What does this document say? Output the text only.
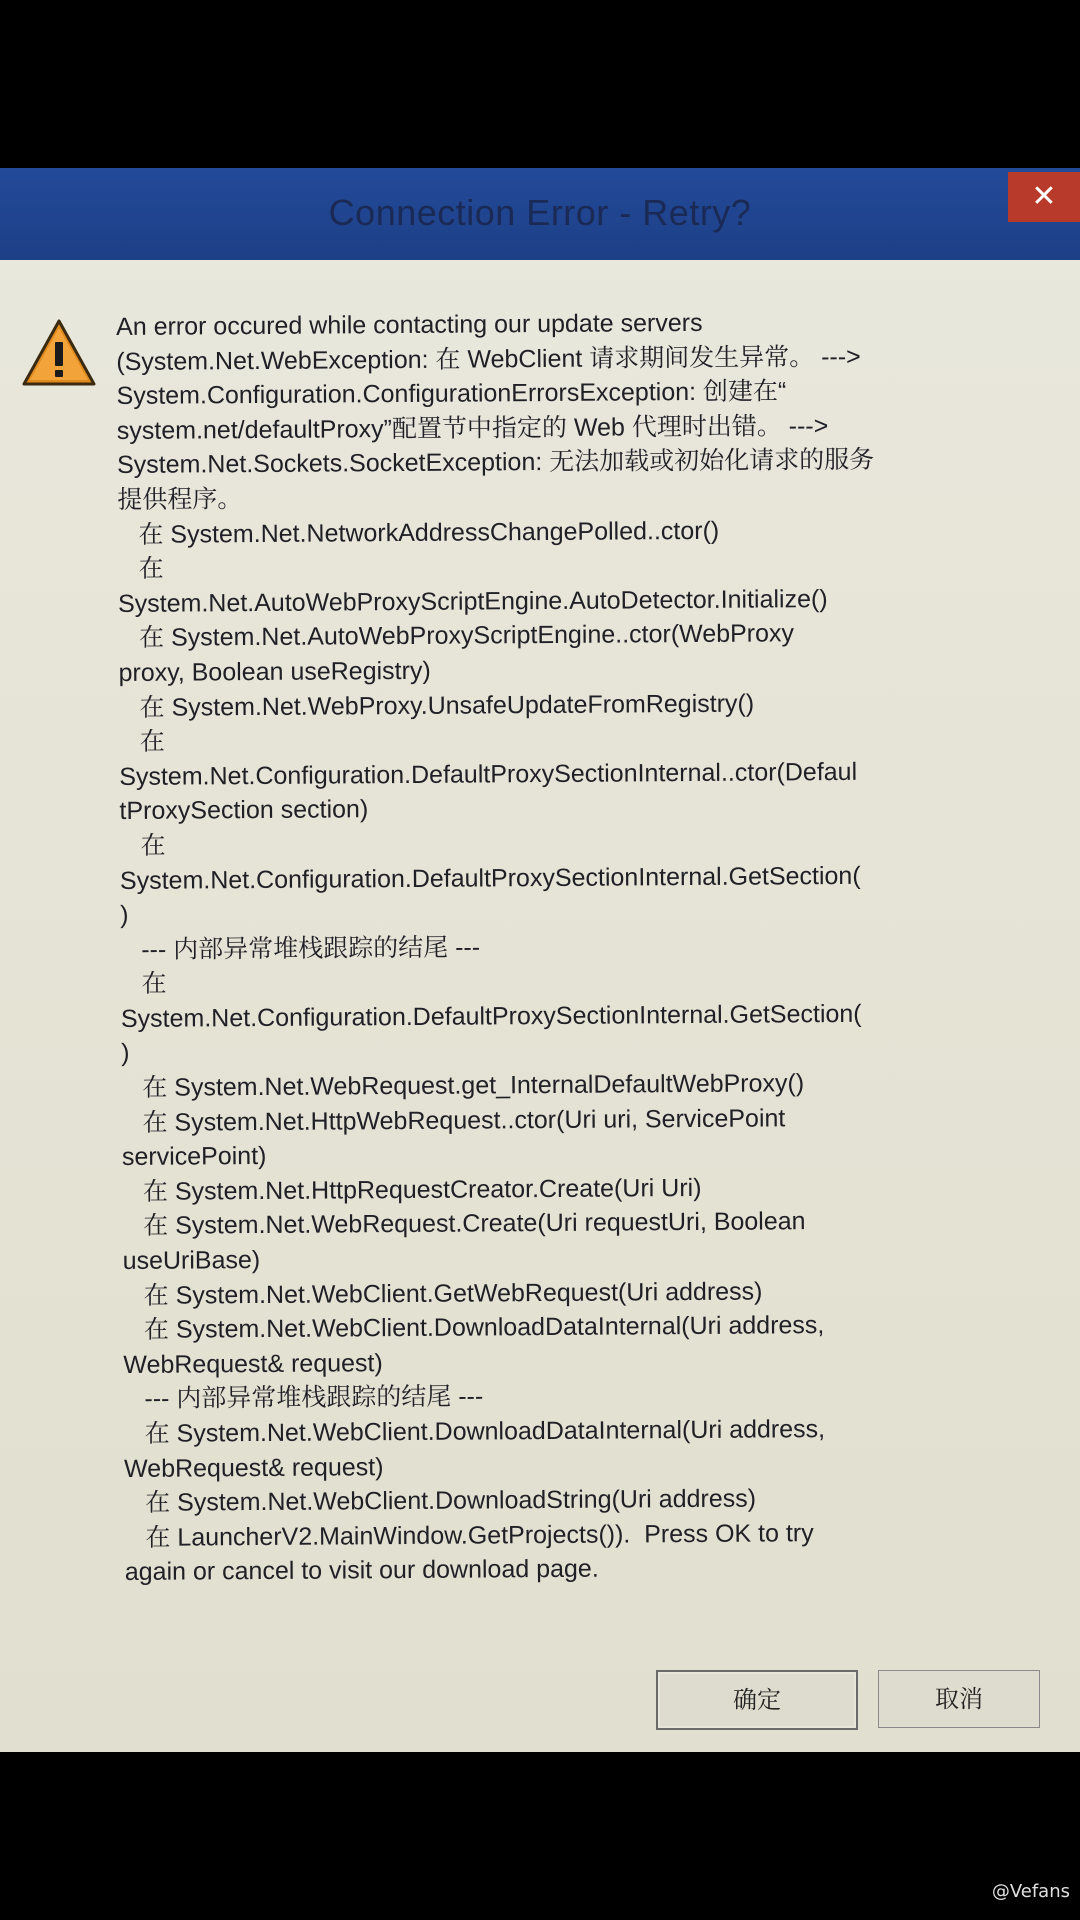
Connection Error - Retry?	✕
An error occured while contacting our update servers
(System.Net.WebException: 在 WebClient 请求期间发生异常。 --->
System.Configuration.ConfigurationErrorsException: 创建在“
system.net/defaultProxy”配置节中指定的 Web 代理时出错。 --->
System.Net.Sockets.SocketException: 无法加载或初始化请求的服务
提供程序。
在 System.Net.NetworkAddressChangePolled..ctor()
在
System.Net.AutoWebProxyScriptEngine.AutoDetector.Initialize()
在 System.Net.AutoWebProxyScriptEngine..ctor(WebProxy
proxy, Boolean useRegistry)
在 System.Net.WebProxy.UnsafeUpdateFromRegistry()
在
System.Net.Configuration.DefaultProxySectionInternal..ctor(Defaul
tProxySection section)
在
System.Net.Configuration.DefaultProxySectionInternal.GetSection(
)
--- 内部异常堆栈跟踪的结尾 ---
在
System.Net.Configuration.DefaultProxySectionInternal.GetSection(
)
在 System.Net.WebRequest.get_InternalDefaultWebProxy()
在 System.Net.HttpWebRequest..ctor(Uri uri, ServicePoint
servicePoint)
在 System.Net.HttpRequestCreator.Create(Uri Uri)
在 System.Net.WebRequest.Create(Uri requestUri, Boolean
useUriBase)
在 System.Net.WebClient.GetWebRequest(Uri address)
在 System.Net.WebClient.DownloadDataInternal(Uri address,
WebRequest& request)
--- 内部异常堆栈跟踪的结尾 ---
在 System.Net.WebClient.DownloadDataInternal(Uri address,
WebRequest& request)
在 System.Net.WebClient.DownloadString(Uri address)
在 LauncherV2.MainWindow.GetProjects()).  Press OK to try
again or cancel to visit our download page.
确定	取消
@Vefans
